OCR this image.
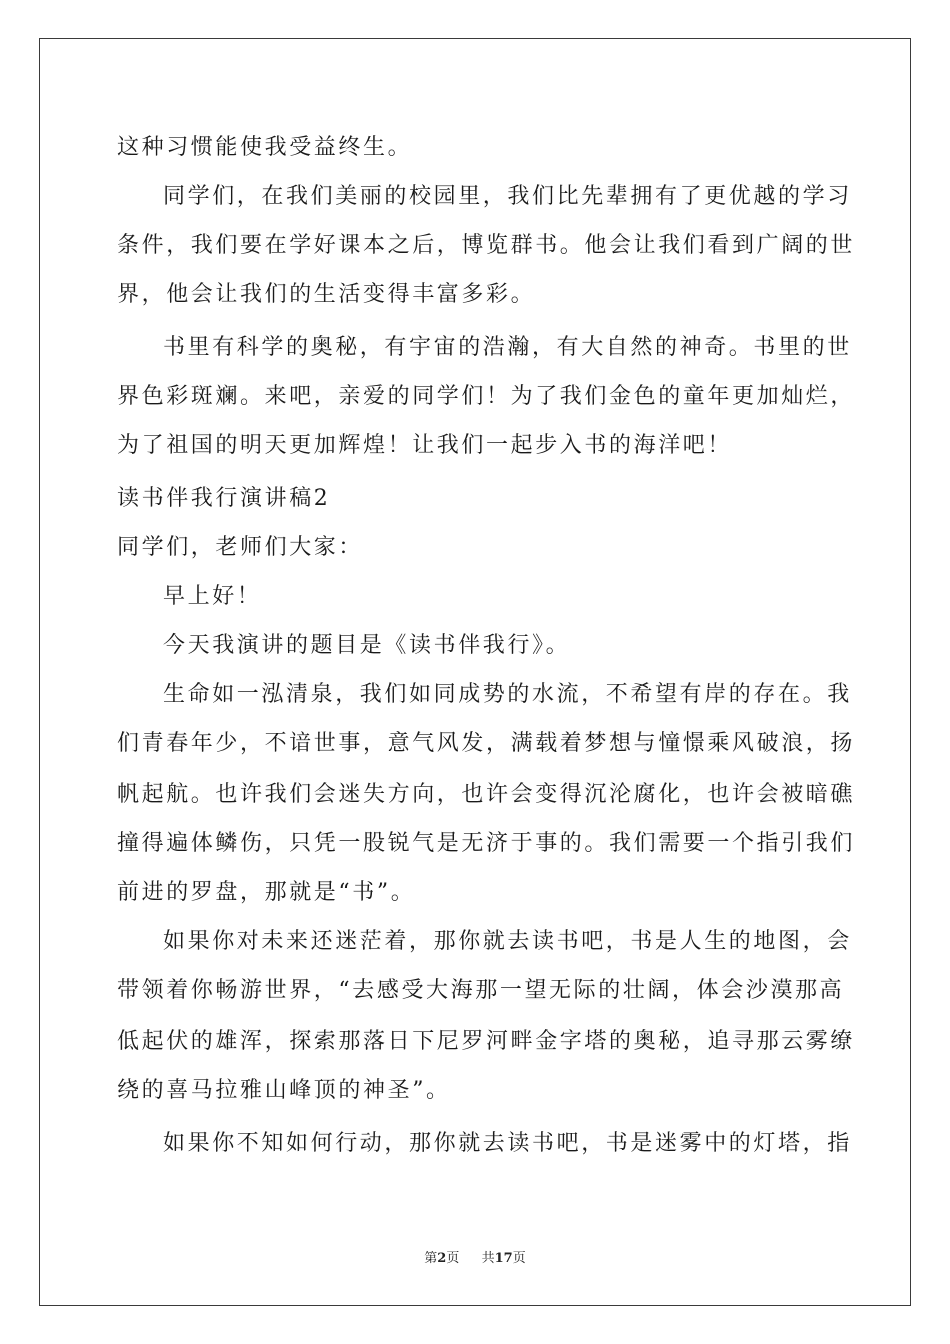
这种习惯能使我受益终生。
同学们，在我们美丽的校园里，我们比先辈拥有了更优越的学习
条件，我们要在学好课本之后，博览群书。他会让我们看到广阔的世
界，他会让我们的生活变得丰富多彩。
书里有科学的奥秘，有宇宙的浩瀚，有大自然的神奇。书里的世
界色彩斑斓。来吧，亲爱的同学们！为了我们金色的童年更加灿烂，
为了祖国的明天更加辉煌！让我们一起步入书的海洋吧！
读书伴我行演讲稿2
同学们，老师们大家：
早上好！
今天我演讲的题目是《读书伴我行》。
生命如一泓清泉，我们如同成势的水流，不希望有岸的存在。我
们青春年少，不谙世事，意气风发，满载着梦想与憧憬乘风破浪，扬
帆起航。也许我们会迷失方向，也许会变得沉沦腐化，也许会被暗礁
撞得遍体鳞伤，只凭一股锐气是无济于事的。我们需要一个指引我们
前进的罗盘，那就是“书”。
如果你对未来还迷茫着，那你就去读书吧，书是人生的地图，会
带领着你畅游世界，“去感受大海那一望无际的壮阔，体会沙漠那高
低起伏的雄浑，探索那落日下尼罗河畔金字塔的奥秘，追寻那云雾缭
绕的喜马拉雅山峰顶的神圣”。
如果你不知如何行动，那你就去读书吧，书是迷雾中的灯塔，指
第2页 共17页
